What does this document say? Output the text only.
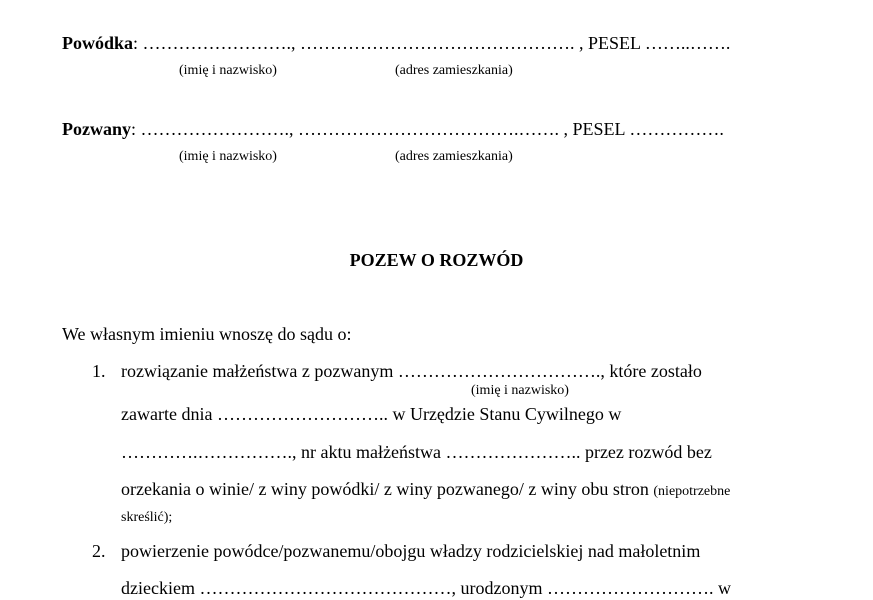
Powódka: ……………………., ………………………………………. , PESEL ……..…….
(imię i nazwisko)	(adres zamieszkania)
Pozwany: ……………………., ……………………………….……. , PESEL …………….
(imię i nazwisko)	(adres zamieszkania)
POZEW O ROZWÓD
We własnym imieniu wnoszę do sądu o:
1. rozwiązanie małżeństwa z pozwanym ……………………………., które zostało
(imię i nazwisko)
zawarte dnia ……………………….. w Urzędzie Stanu Cywilnego w
………….……………., nr aktu małżeństwa ………………….. przez rozwód bez
orzekania o winie/ z winy powódki/ z winy pozwanego/ z winy obu stron (niepotrzebne
skreślić);
2. powierzenie powódce/pozwanemu/obojgu władzy rodzicielskiej nad małoletnim
dzieckiem ……………………………………, urodzonym ………………………. w
